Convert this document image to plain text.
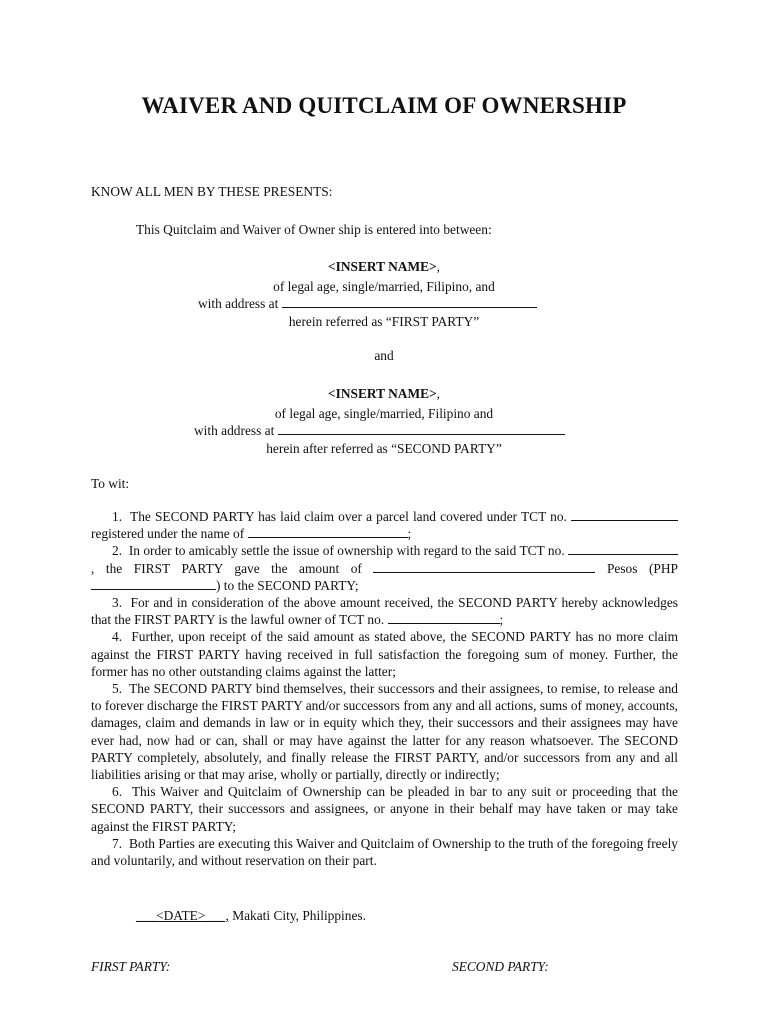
WAIVER AND QUITCLAIM OF OWNERSHIP
KNOW ALL MEN BY THESE PRESENTS:
This Quitclaim and Waiver of Owner ship is entered into between:
<INSERT NAME>,
of legal age, single/married, Filipino, and
with address at
herein referred as “FIRST PARTY”
and
<INSERT NAME>,
of legal age, single/married, Filipino and
with address at
herein after referred as “SECOND PARTY”
To wit:

1. The SECOND PARTY has laid claim over a parcel land covered under TCT no.  registered under the name of	;

2. In order to amicably settle the issue of ownership with regard to the said TCT no. , the FIRST PARTY gave the amount of	Pesos (PHP ) to the SECOND PARTY;

3. For and in consideration of the above amount received, the SECOND PARTY hereby acknowledges that the FIRST PARTY is the lawful owner of TCT no.	;

4. Further, upon receipt of the said amount as stated above, the SECOND PARTY has no more claim against the FIRST PARTY having received in full satisfaction the foregoing sum of money. Further, the former has no other outstanding claims against the latter;

5. The SECOND PARTY bind themselves, their successors and their assignees, to remise, to release and to forever discharge the FIRST PARTY and/or successors from any and all actions, sums of money, accounts, damages, claim and demands in law or in equity which they, their successors and their assignees may have ever had, now had or can, shall or may have against the latter for any reason whatsoever. The SECOND PARTY completely, absolutely, and finally release the FIRST PARTY, and/or successors from any and all liabilities arising or that may arise, wholly or partially, directly or indirectly;

6. This Waiver and Quitclaim of Ownership can be pleaded in bar to any suit or proceeding that the SECOND PARTY, their successors and assignees, or anyone in their behalf may have taken or may take against the FIRST PARTY;

7. Both Parties are executing this Waiver and Quitclaim of Ownership to the truth of the foregoing freely and voluntarily, and without reservation on their part.

___<DATE>___, Makati City, Philippines.
FIRST PARTY:	SECOND PARTY:
